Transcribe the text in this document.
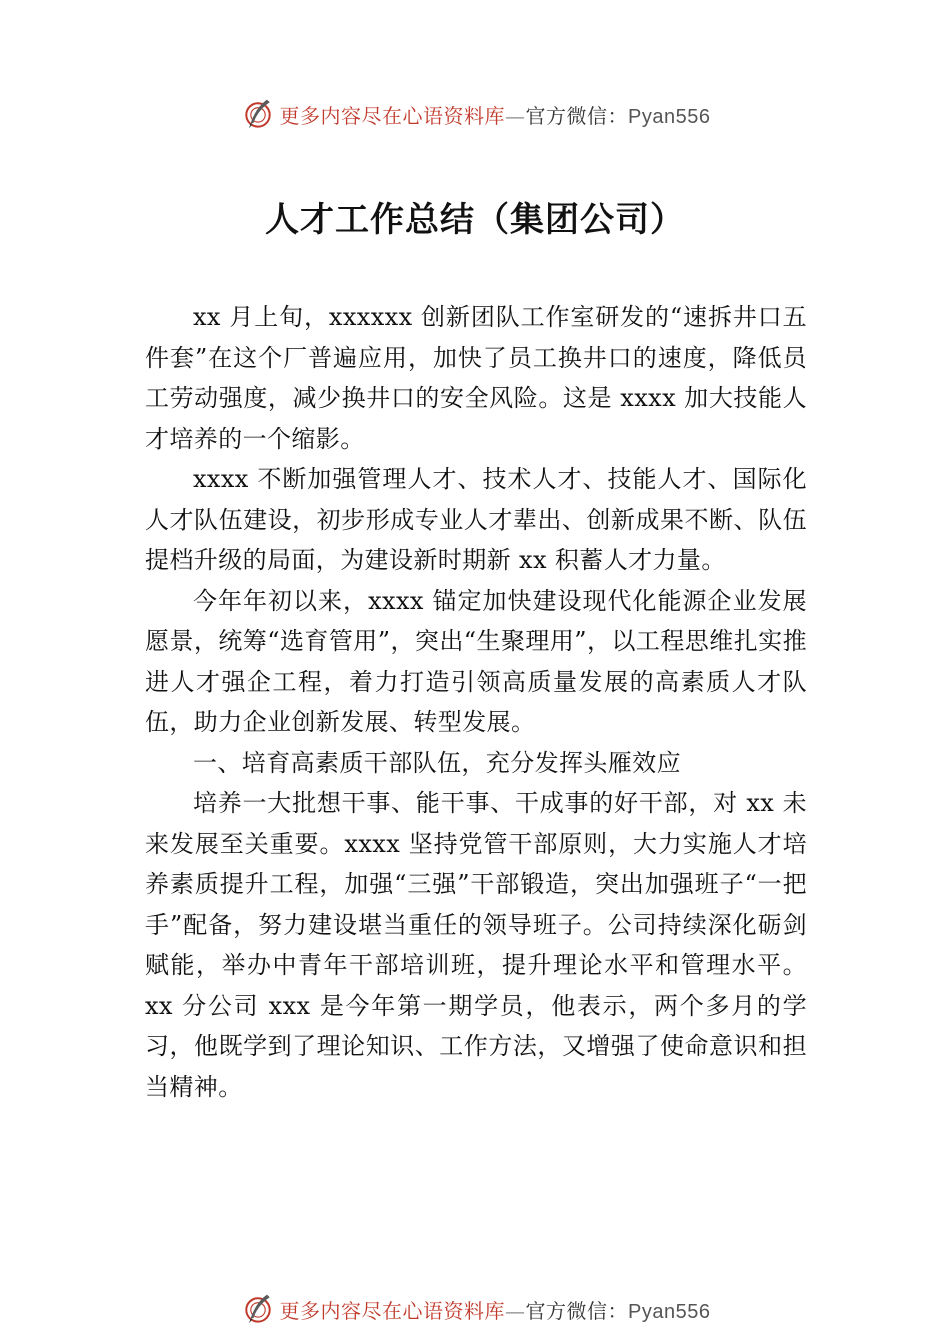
更多内容尽在心语资料库—官方微信：Pyan556
人才工作总结（集团公司）

xx 月上旬，xxxxxx 创新团队工作室研发的“速拆井口五件套”在这个厂普遍应用，加快了员工换井口的速度，降低员工劳动强度，减少换井口的安全风险。这是 xxxx 加大技能人才培养的一个缩影。

xxxx 不断加强管理人才、技术人才、技能人才、国际化人才队伍建设，初步形成专业人才辈出、创新成果不断、队伍提档升级的局面，为建设新时期新 xx 积蓄人才力量。

今年年初以来，xxxx 锚定加快建设现代化能源企业发展愿景，统筹“选育管用”，突出“生聚理用”，以工程思维扎实推进人才强企工程，着力打造引领高质量发展的高素质人才队伍，助力企业创新发展、转型发展。

一、培育高素质干部队伍，充分发挥头雁效应

培养一大批想干事、能干事、干成事的好干部，对 xx 未来发展至关重要。xxxx 坚持党管干部原则，大力实施人才培养素质提升工程，加强“三强”干部锻造，突出加强班子“一把手”配备，努力建设堪当重任的领导班子。公司持续深化砺剑赋能，举办中青年干部培训班，提升理论水平和管理水平。xx 分公司 xxx 是今年第一期学员，他表示，两个多月的学习，他既学到了理论知识、工作方法，又增强了使命意识和担当精神。

更多内容尽在心语资料库—官方微信：Pyan556
